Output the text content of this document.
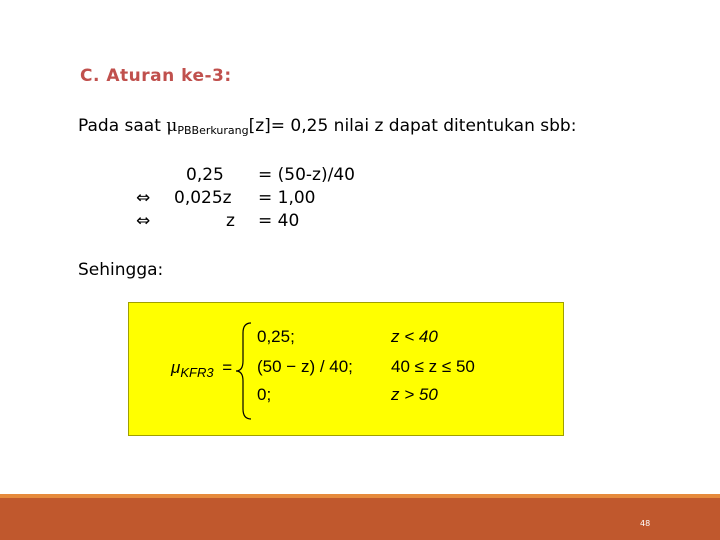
C. Aturan ke-3:
Pada saat $\mu_{PBBerkurang}[z]= 0,25$ nilai z dapat ditentukan sbb:
0,25 = (50-z)/40
⇔	0,025z = 1,00
⇔	z = 40
Sehingga:
$\mu_{KFR3}$ =
0,25;	z < 40
(50 − z) / 40; 40 ≤ z ≤ 50
0;	z > 50
48
